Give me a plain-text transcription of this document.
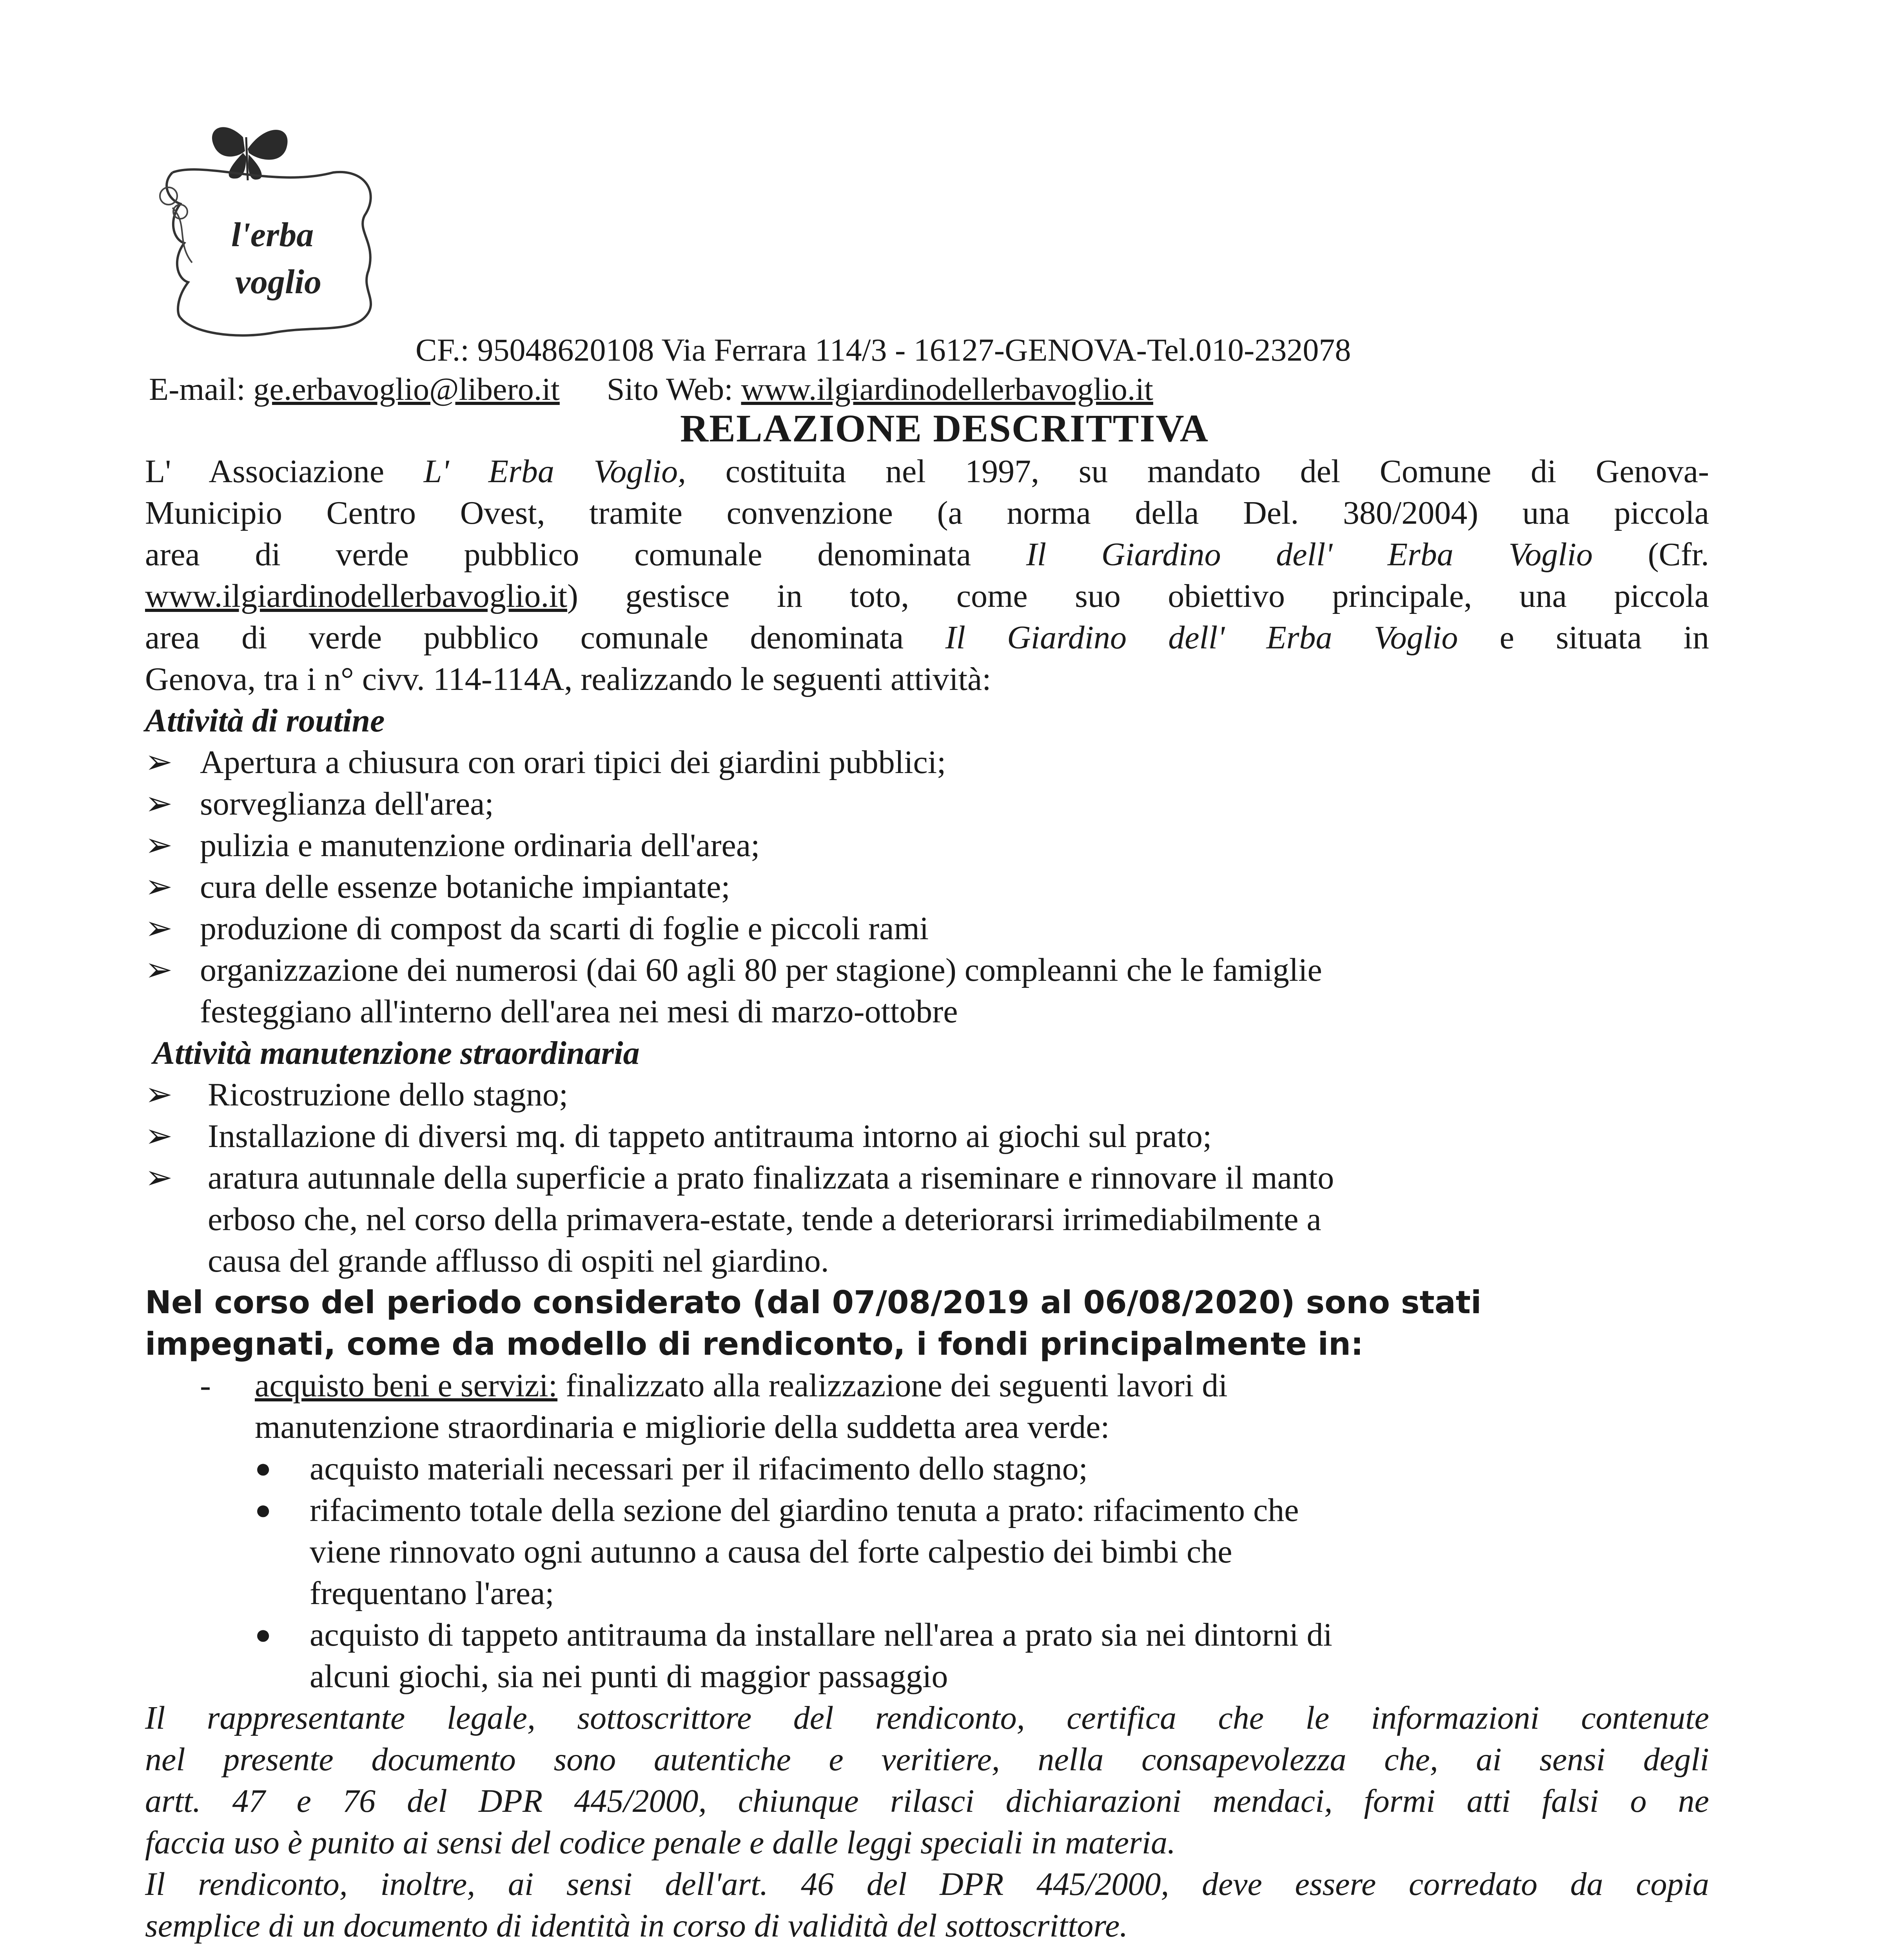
l'erba
voglio
CF.: 95048620108 Via Ferrara 114/3 - 16127-GENOVA-Tel.010-232078
E-mail: ge.erbavoglio@libero.it Sito Web: www.ilgiardinodellerbavoglio.it
RELAZIONE DESCRITTIVA

L' Associazione L' Erba Voglio, costituita nel 1997, su mandato del Comune di Genova-

Municipio Centro Ovest, tramite convenzione (a norma della Del. 380/2004) una piccola

area di verde pubblico comunale denominata Il Giardino dell' Erba Voglio (Cfr.

www.ilgiardinodellerbavoglio.it) gestisce in toto, come suo obiettivo principale, una piccola

area di verde pubblico comunale denominata Il Giardino dell' Erba Voglio e situata in

Genova, tra i n° civv. 114-114A, realizzando le seguenti attività:

Attività di routine

➢ Apertura a chiusura con orari tipici dei giardini pubblici;
➢ sorveglianza dell'area;
➢ pulizia e manutenzione ordinaria dell'area;
➢ cura delle essenze botaniche impiantate;
➢ produzione di compost da scarti di foglie e piccoli rami
➢ organizzazione dei numerosi (dai 60 agli 80 per stagione) compleanni che le famiglie
festeggiano all'interno dell'area nei mesi di marzo-ottobre

Attività manutenzione straordinaria

➢ Ricostruzione dello stagno;
➢ Installazione di diversi mq. di tappeto antitrauma intorno ai giochi sul prato;
➢ aratura autunnale della superficie a prato finalizzata a riseminare e rinnovare il manto
erboso che, nel corso della primavera-estate, tende a deteriorarsi irrimediabilmente a
causa del grande afflusso di ospiti nel giardino.

Nel corso del periodo considerato (dal 07/08/2019 al 06/08/2020) sono stati

impegnati, come da modello di rendiconto, i fondi principalmente in:

- acquisto beni e servizi: finalizzato alla realizzazione dei seguenti lavori di
manutenzione straordinaria e migliorie della suddetta area verde:
● acquisto materiali necessari per il rifacimento dello stagno;
● rifacimento totale della sezione del giardino tenuta a prato: rifacimento che
viene rinnovato ogni autunno a causa del forte calpestio dei bimbi che
frequentano l'area;
● acquisto di tappeto antitrauma da installare nell'area a prato sia nei dintorni di
alcuni giochi, sia nei punti di maggior passaggio

Il rappresentante legale, sottoscrittore del rendiconto, certifica che le informazioni contenute

nel presente documento sono autentiche e veritiere, nella consapevolezza che, ai sensi degli

artt. 47 e 76 del DPR 445/2000, chiunque rilasci dichiarazioni mendaci, formi atti falsi o ne

faccia uso è punito ai sensi del codice penale e dalle leggi speciali in materia.

Il rendiconto, inoltre, ai sensi dell'art. 46 del DPR 445/2000, deve essere corredato da copia

semplice di un documento di identità in corso di validità del sottoscrittore.
